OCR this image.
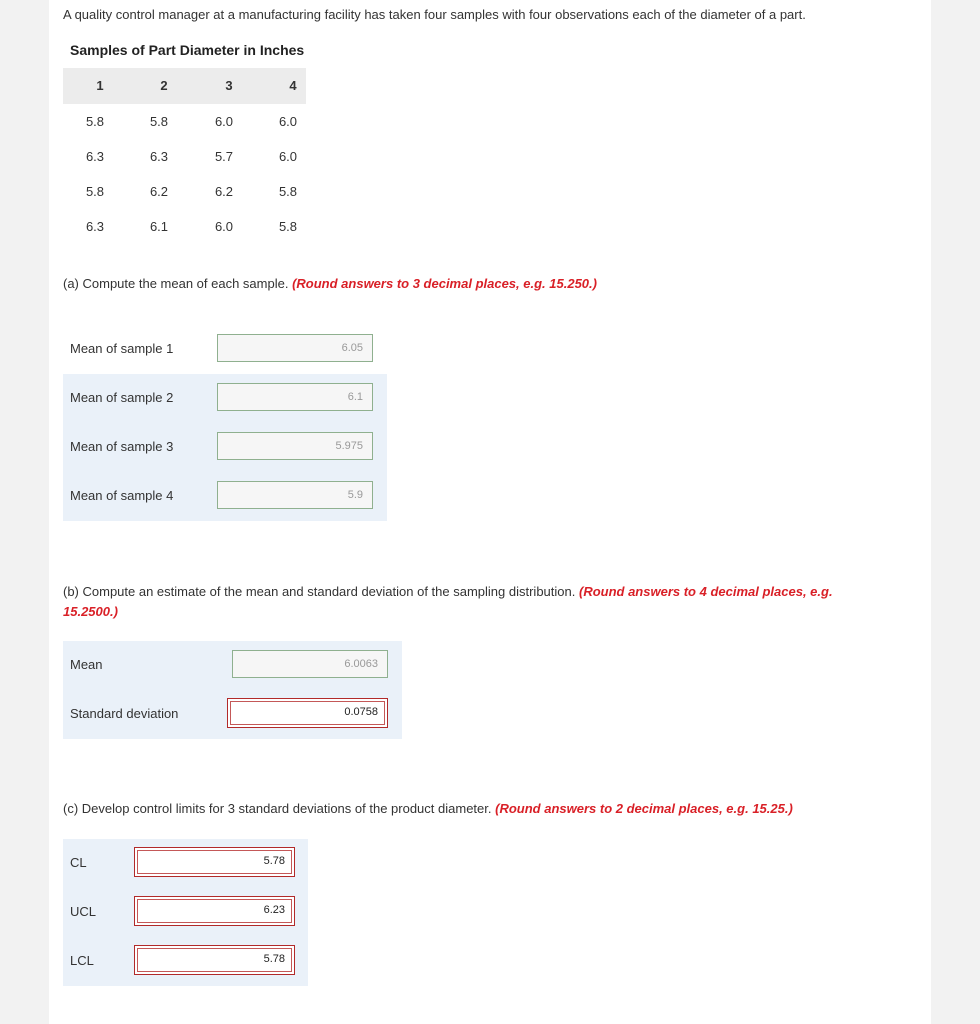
A quality control manager at a manufacturing facility has taken four samples with four observations each of the diameter of a part.
Samples of Part Diameter in Inches
1	2	3	4
5.8	5.8	6.0	6.0
6.3	6.3	5.7	6.0
5.8	6.2	6.2	5.8
6.3	6.1	6.0	5.8
(a) Compute the mean of each sample. (Round answers to 3 decimal places, e.g. 15.250.)
Mean of sample 1	6.05
Mean of sample 2	6.1
Mean of sample 3	5.975
Mean of sample 4	5.9
(b) Compute an estimate of the mean and standard deviation of the sampling distribution. (Round answers to 4 decimal places, e.g.
15.2500.)
Mean	6.0063
Standard deviation	0.0758
(c) Develop control limits for 3 standard deviations of the product diameter. (Round answers to 2 decimal places, e.g. 15.25.)
CL	5.78
UCL	6.23
LCL	5.78
